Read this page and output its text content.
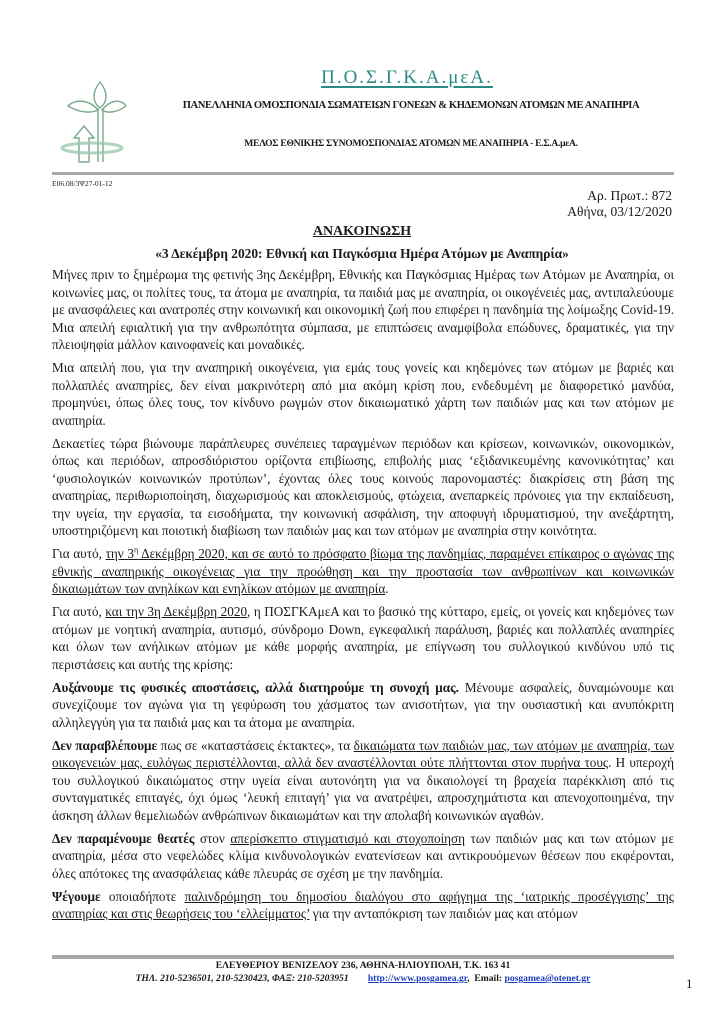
Π.Ο.Σ.Γ.Κ.Α.μεΑ.
ΠΑΝΕΛΛΗΝΙΑ ΟΜΟΣΠΟΝΔΙΑ ΣΩΜΑΤΕΙΩΝ ΓΟΝΕΩΝ & ΚΗΔΕΜΟΝΩΝ ΑΤΟΜΩΝ ΜΕ ΑΝΑΠΗΡΙΑ
ΜΕΛΟΣ ΕΘΝΙΚΗΣ ΣΥΝΟΜΟΣΠΟΝΔΙΑΣ ΑΤΟΜΩΝ ΜΕ ΑΝΑΠΗΡΙΑ - Ε.Σ.Α.μεΑ.
E06.08/3Ψ27-01-12
Αρ. Πρωτ.: 872
Αθήνα, 03/12/2020
ΑΝΑΚΟΙΝΩΣΗ
«3 Δεκέμβρη 2020: Εθνική και Παγκόσμια Ημέρα Ατόμων με Αναπηρία»

Μήνες πριν το ξημέρωμα της φετινής 3ης Δεκέμβρη, Εθνικής και Παγκόσμιας Ημέρας των Ατόμων με Αναπηρία, οι κοινωνίες μας, οι πολίτες τους, τα άτομα με αναπηρία, τα παιδιά μας με αναπηρία, οι οικογένειές μας, αντιπαλεύουμε με ανασφάλειες και ανατροπές στην κοινωνική και οικονομική ζωή που επιφέρει η πανδημία της λοίμωξης Covid-19. Μια απειλή εφιαλτική για την ανθρωπότητα σύμπασα, με επιπτώσεις αναμφίβολα επώδυνες, δραματικές, για την πλειοψηφία μάλλον καινοφανείς και μοναδικές.

Μια απειλή που, για την αναπηρική οικογένεια, για εμάς τους γονείς και κηδεμόνες των ατόμων με βαριές και πολλαπλές αναπηρίες, δεν είναι μακρινότερη από μια ακόμη κρίση που, ενδεδυμένη με διαφορετικό μανδύα, προμηνύει, όπως όλες τους, τον κίνδυνο ρωγμών στον δικαιωματικό χάρτη των παιδιών μας και των ατόμων με αναπηρία.

Δεκαετίες τώρα βιώνουμε παράπλευρες συνέπειες ταραγμένων περιόδων και κρίσεων, κοινωνικών, οικονομικών, όπως και περιόδων, απροσδιόριστου ορίζοντα επιβίωσης, επιβολής μιας ‘εξιδανικευμένης κανονικότητας’ και ‘φυσιολογικών κοινωνικών προτύπων’, έχοντας όλες τους κοινούς παρονομαστές: διακρίσεις στη βάση της αναπηρίας, περιθωριοποίηση, διαχωρισμούς και αποκλεισμούς, φτώχεια, ανεπαρκείς πρόνοιες για την εκπαίδευση, την υγεία, την εργασία, τα εισοδήματα, την κοινωνική ασφάλιση, την αποφυγή ιδρυματισμού, την ανεξάρτητη, υποστηριζόμενη και ποιοτική διαβίωση των παιδιών μας και των ατόμων με αναπηρία στην κοινότητα.

Για αυτό, την $3^\eta$ Δεκέμβρη 2020, και σε αυτό το πρόσφατο βίωμα της πανδημίας, παραμένει επίκαιρος ο αγώνας της εθνικής αναπηρικής οικογένειας για την προώθηση και την προστασία των ανθρωπίνων και κοινωνικών δικαιωμάτων των ανηλίκων και ενηλίκων ατόμων με αναπηρία.

Για αυτό, και την 3η Δεκέμβρη 2020, η ΠΟΣΓΚΑμεΑ και το βασικό της κύτταρο, εμείς, οι γονείς και κηδεμόνες των ατόμων με νοητική αναπηρία, αυτισμό, σύνδρομο Down, εγκεφαλική παράλυση, βαριές και πολλαπλές αναπηρίες και όλων των ανήλικων ατόμων με κάθε μορφής αναπηρία, με επίγνωση του συλλογικού κινδύνου υπό τις περιστάσεις και αυτής της κρίσης:

Αυξάνουμε τις φυσικές αποστάσεις, αλλά διατηρούμε τη συνοχή μας. Μένουμε ασφαλείς, δυναμώνουμε και συνεχίζουμε τον αγώνα για τη γεφύρωση του χάσματος των ανισοτήτων, για την ουσιαστική και ανυπόκριτη αλληλεγγύη για τα παιδιά μας και τα άτομα με αναπηρία.

Δεν παραβλέπουμε πως σε «καταστάσεις έκτακτες», τα δικαιώματα των παιδιών μας, των ατόμων με αναπηρία, των οικογενειών μας, ευλόγως περιστέλλονται, αλλά δεν αναστέλλονται ούτε πλήττονται στον πυρήνα τους. Η υπεροχή του συλλογικού δικαιώματος στην υγεία είναι αυτονόητη για να δικαιολογεί τη βραχεία παρέκκλιση από τις συνταγματικές επιταγές, όχι όμως ‘λευκή επιταγή’ για να ανατρέψει, απροσχημάτιστα και απενοχοποιημένα, την άσκηση άλλων θεμελιωδών ανθρώπινων δικαιωμάτων και την απολαβή κοινωνικών αγαθών.

Δεν παραμένουμε θεατές στον απερίσκεπτο στιγματισμό και στοχοποίηση των παιδιών μας και των ατόμων με αναπηρία, μέσα στο νεφελώδες κλίμα κινδυνολογικών ενατενίσεων και αντικρουόμενων θέσεων που εκφέρονται, όλες απότοκες της ανασφάλειας κάθε πλευράς σε σχέση με την πανδημία.

Ψέγουμε οποιαδήποτε παλινδρόμηση του δημοσίου διαλόγου στο αφήγημα της ‘ιατρικής προσέγγισης’ της αναπηρίας και στις θεωρήσεις του ‘ελλείμματος’ για την ανταπόκριση των παιδιών μας και ατόμων

ΕΛΕΥΘΕΡΙΟΥ ΒΕΝΙΖΕΛΟΥ 236, ΑΘΗΝΑ-ΗΛΙΟΥΠΟΛΗ, Τ.Κ. 163 41
ΤΗΛ. 210-5236501, 210-5230423, ΦΑΞ: 210-5203951 http://www.posgamea.gr,  Email: posgamea@otenet.gr	1
